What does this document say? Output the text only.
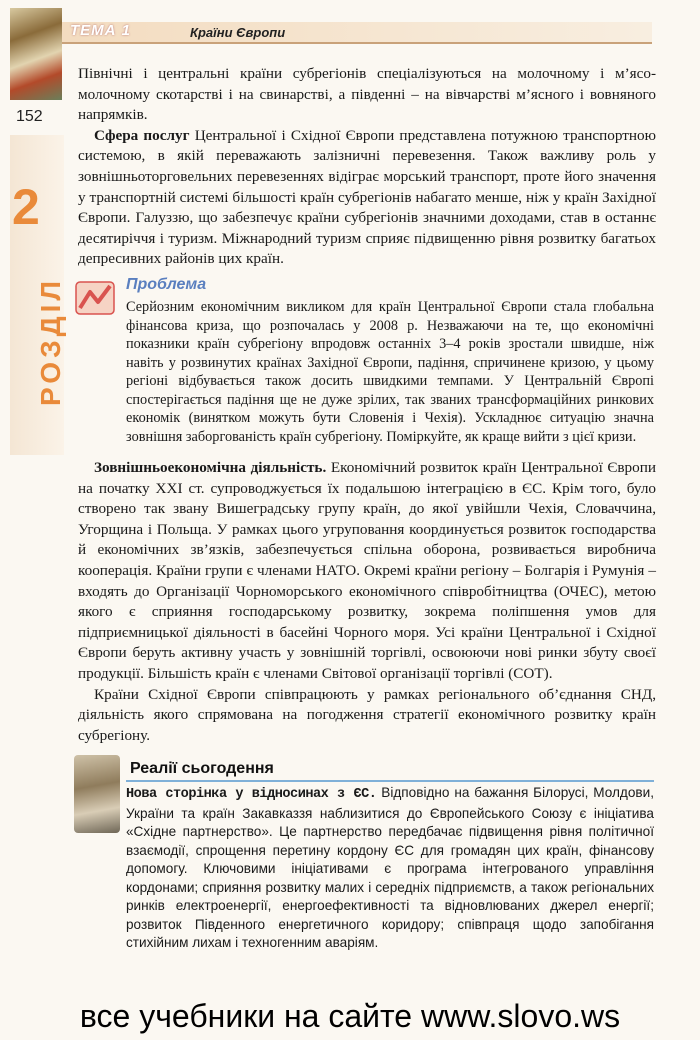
ТЕМА 1	Країни Європи
152
2
РОЗДІЛ

Північні і центральні країни субрегіонів спеціалізуються на молочному і м’ясо-молочному скотарстві і на свинарстві, а південні – на вівчарстві м’ясного і вовняного напрямків.

Сфера послуг Центральної і Східної Європи представлена потужною транспортною системою, в якій переважають залізничні перевезення. Також важливу роль у зовнішньоторговельних перевезеннях відіграє морський транспорт, проте його значення у транспортній системі більшості країн субрегіонів набагато менше, ніж у країн Західної Європи. Галуззю, що забезпечує країни субрегіонів значними доходами, став в останнє десятиріччя і туризм. Міжнародний туризм сприяє підвищенню рівня розвитку багатьох депресивних районів цих країн.

Проблема

Серйозним економічним викликом для країн Центральної Європи стала глобальна фінансова криза, що розпочалась у 2008 р. Незважаючи на те, що економічні показники країн субрегіону впродовж останніх 3–4 років зростали швидше, ніж навіть у розвинутих країнах Західної Європи, падіння, спричинене кризою, у цьому регіоні відбувається також досить швидкими темпами. У Центральній Європі спостерігається падіння ще не дуже зрілих, так званих трансформаційних ринкових економік (винятком можуть бути Словенія і Чехія). Ускладнює ситуацію значна зовнішня заборгованість країн субрегіону. Поміркуйте, як краще вийти з цієї кризи.

Зовнішньоекономічна діяльність. Економічний розвиток країн Центральної Європи на початку XXI ст. супроводжується їх подальшою інтеграцією в ЄС. Крім того, було створено так звану Вишеградську групу країн, до якої увійшли Чехія, Словаччина, Угорщина і Польща. У рамках цього угруповання координується розвиток господарства й економічних зв’язків, забезпечується спільна оборона, розвивається виробнича кооперація. Країни групи є членами НАТО. Окремі країни регіону – Болгарія і Румунія – входять до Організації Чорноморського економічного співробітництва (ОЧЕС), метою якого є сприяння господарському розвитку, зокрема поліпшення умов для підприємницької діяльності в басейні Чорного моря. Усі країни Центральної і Східної Європи беруть активну участь у зовнішній торгівлі, освоюючи нові ринки збуту своєї продукції. Більшість країн є членами Світової організації торгівлі (СОТ).

Країни Східної Європи співпрацюють у рамках регіонального об’єднання СНД, діяльність якого спрямована на погодження стратегії економічного розвитку країн субрегіону.

Реалії сьогодення

Нова сторінка у відносинах з ЄС. Відповідно на бажання Білорусі, Молдови, України та країн Закавказзя наблизитися до Європейського Союзу є ініціатива «Східне партнерство». Це партнерство передбачає підвищення рівня політичної взаємодії, спрощення перетину кордону ЄС для громадян цих країн, фінансову допомогу. Ключовими ініціативами є програма інтегрованого управління кордонами; сприяння розвитку малих і середніх підприємств, а також регіональних ринків електроенергії, енергоефективності та відновлюваних джерел енергії; розвиток Південного енергетичного коридору; співпраця щодо запобігання стихійним лихам і техногенним аваріям.

все учебники на сайте www.slovo.ws
